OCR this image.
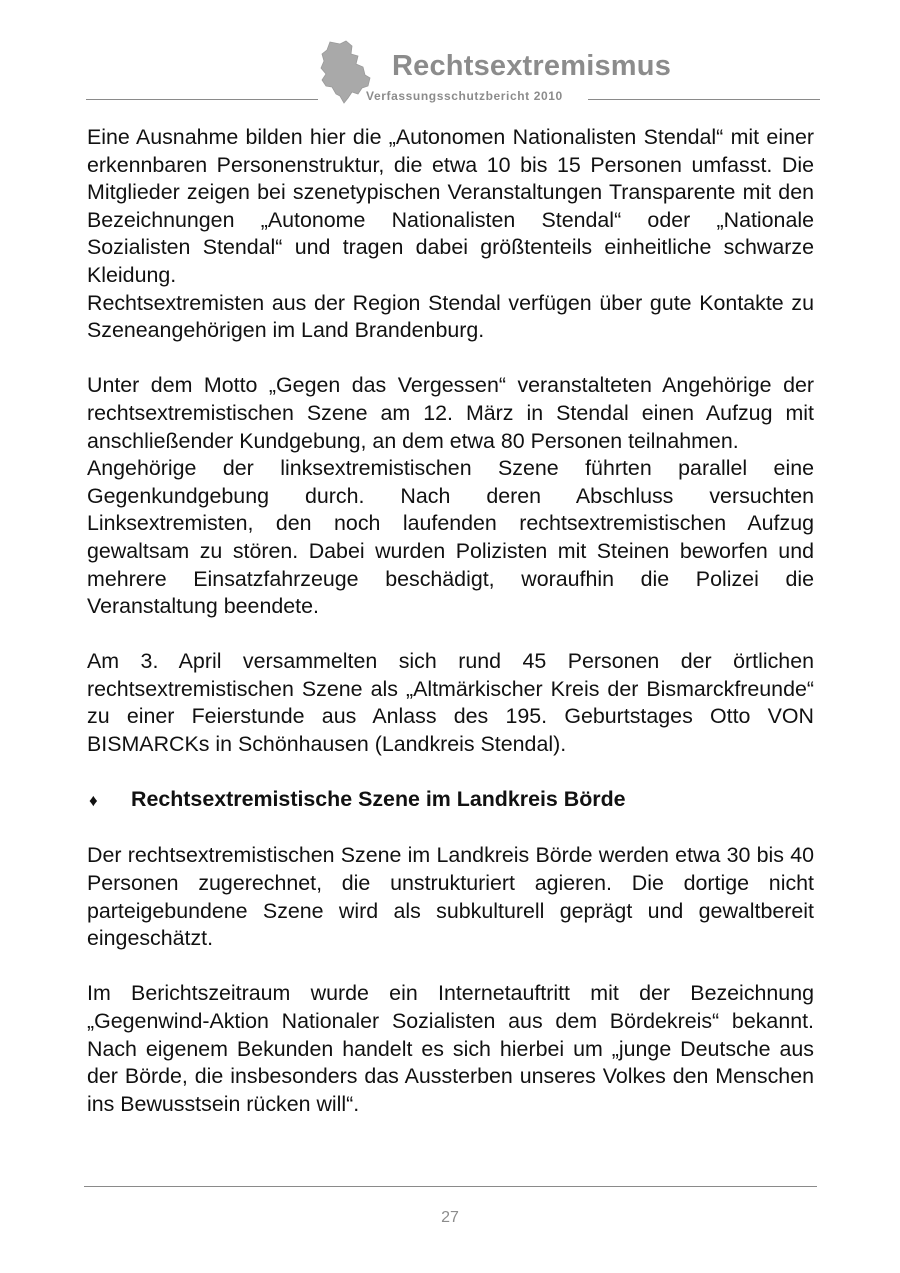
Rechtsextremismus
Verfassungsschutzbericht 2010

Eine Ausnahme bilden hier die „Autonomen Nationalisten Stendal“ mit einer erkennbaren Personenstruktur, die etwa 10 bis 15 Personen umfasst. Die Mitglieder zeigen bei szenetypischen Veranstaltungen Transparente mit den Bezeichnungen „Autonome Nationalisten Stendal“ oder „Nationale Sozialisten Stendal“ und tragen dabei größtenteils einheitliche schwarze Kleidung.

Rechtsextremisten aus der Region Stendal verfügen über gute Kontakte zu Szeneangehörigen im Land Brandenburg.

Unter dem Motto „Gegen das Vergessen“ veranstalteten Angehörige der rechtsextremistischen Szene am 12. März in Stendal einen Aufzug mit anschließender Kundgebung, an dem etwa 80 Personen teilnahmen.

Angehörige der linksextremistischen Szene führten parallel eine Gegenkundgebung durch. Nach deren Abschluss versuchten Linksextremisten, den noch laufenden rechtsextremistischen Aufzug gewaltsam zu stören. Dabei wurden Polizisten mit Steinen beworfen und mehrere Einsatzfahrzeuge beschädigt, woraufhin die Polizei die Veranstaltung beendete.

Am 3. April versammelten sich rund 45 Personen der örtlichen rechtsextremistischen Szene als „Altmärkischer Kreis der Bismarckfreunde“ zu einer Feierstunde aus Anlass des 195. Geburtstages Otto VON BISMARCKs in Schönhausen (Landkreis Stendal).

♦	Rechtsextremistische Szene im Landkreis Börde

Der rechtsextremistischen Szene im Landkreis Börde werden etwa 30 bis 40 Personen zugerechnet, die unstrukturiert agieren. Die dortige nicht parteigebundene Szene wird als subkulturell geprägt und gewaltbereit eingeschätzt.

Im Berichtszeitraum wurde ein Internetauftritt mit der Bezeichnung „Gegenwind-Aktion Nationaler Sozialisten aus dem Bördekreis“ bekannt. Nach eigenem Bekunden handelt es sich hierbei um „junge Deutsche aus der Börde, die insbesonders das Aussterben unseres Volkes den Menschen ins Bewusstsein rücken will“.

27
